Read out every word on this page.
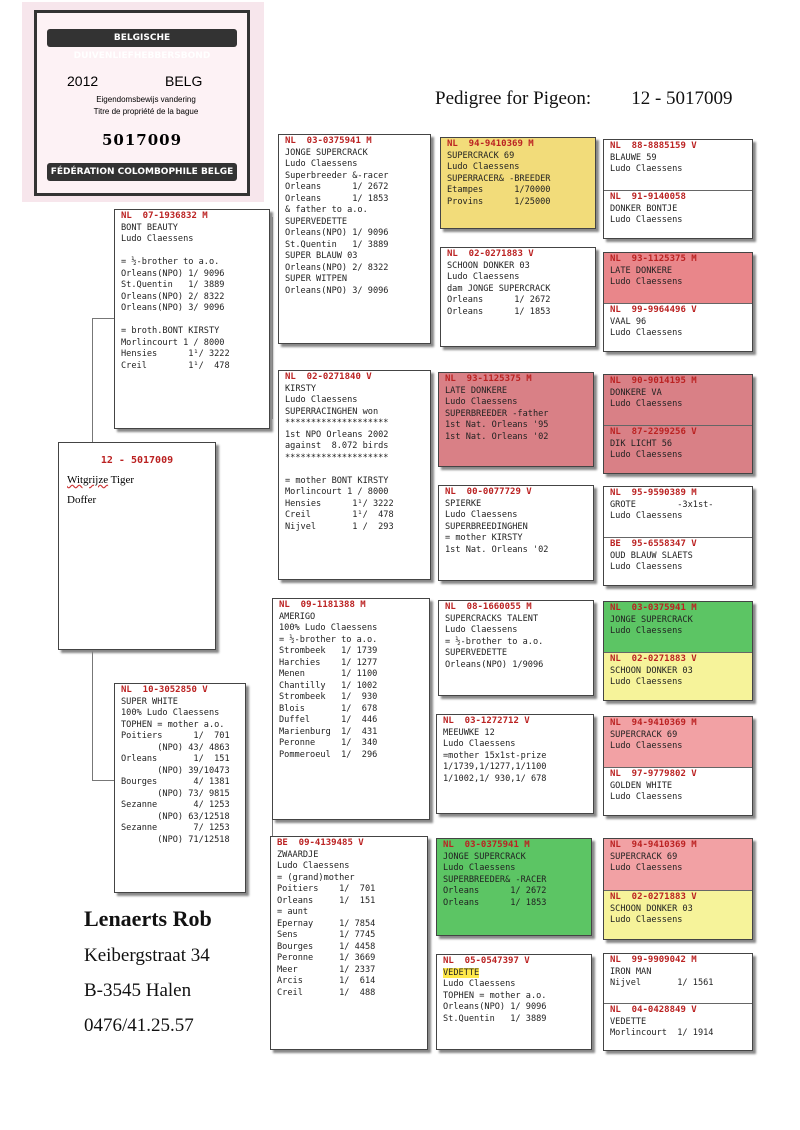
BELGISCHE DUIVENLIEFHEBBERSBOND
2012	BELG
Eigendomsbewijs vandering
Titre de propriété de la bague
5017009
FÉDÉRATION COLOMBOPHILE BELGE
Pedigree for Pigeon: 12 - 5017009
12 - 5017009
Witgrijze Tiger
Doffer
NL  07-1936832 M
BONT BEAUTY
Ludo Claessens

= ½-brother to a.o.
Orleans(NPO) 1/ 9096
St.Quentin   1/ 3889
Orleans(NPO) 2/ 8322
Orleans(NPO) 3/ 9096

= broth.BONT KIRSTY
Morlincourt 1 / 8000
Hensies      1¹/ 3222
Creil        1¹/  478
NL  10-3052850 V
SUPER WHITE
100% Ludo Claessens
TOPHEN = mother a.o.
Poitiers      1/  701
(NPO) 43/ 4863
Orleans       1/  151
(NPO) 39/10473
Bourges       4/ 1381
(NPO) 73/ 9815
Sezanne       4/ 1253
(NPO) 63/12518
Sezanne       7/ 1253
(NPO) 71/12518
NL  03-0375941 M
JONGE SUPERCRACK
Ludo Claessens
Superbreeder &-racer
Orleans      1/ 2672
Orleans      1/ 1853
& father to a.o.
SUPERVEDETTE
Orleans(NPO) 1/ 9096
St.Quentin   1/ 3889
SUPER BLAUW 03
Orleans(NPO) 2/ 8322
SUPER WITPEN
Orleans(NPO) 3/ 9096
NL  02-0271840 V
KIRSTY
Ludo Claessens
SUPERRACINGHEN won
********************
1st NPO Orleans 2002
against  8.072 birds
********************

= mother BONT KIRSTY
Morlincourt 1 / 8000
Hensies      1¹/ 3222
Creil        1¹/  478
Nijvel       1 /  293
NL  09-1181388 M
AMERIGO
100% Ludo Claessens
= ½-brother to a.o.
Strombeek   1/ 1739
Harchies    1/ 1277
Menen       1/ 1100
Chantilly   1/ 1002
Strombeek   1/  930
Blois       1/  678
Duffel      1/  446
Marienburg  1/  431
Peronne     1/  340
Pommeroeul  1/  296
BE  09-4139485 V
ZWAARDJE
Ludo Claessens
= (grand)mother
Poitiers    1/  701
Orleans     1/  151
= aunt
Epernay     1/ 7854
Sens        1/ 7745
Bourges     1/ 4458
Peronne     1/ 3669
Meer        1/ 2337
Arcis       1/  614
Creil       1/  488
NL  94-9410369 M
SUPERCRACK 69
Ludo Claessens
SUPERRACER& -BREEDER
Etampes      1/70000
Provins      1/25000
NL  02-0271883 V
SCHOON DONKER 03
Ludo Claessens
dam JONGE SUPERCRACK
Orleans      1/ 2672
Orleans      1/ 1853
NL  93-1125375 M
LATE DONKERE
Ludo Claessens
SUPERBREEDER -father
1st Nat. Orleans '95
1st Nat. Orleans '02
NL  00-0077729 V
SPIERKE
Ludo Claessens
SUPERBREEDINGHEN
= mother KIRSTY
1st Nat. Orleans '02
NL  08-1660055 M
SUPERCRACKS TALENT
Ludo Claessens
= ½-brother to a.o.
SUPERVEDETTE
Orleans(NPO) 1/9096
NL  03-1272712 V
MEEUWKE 12
Ludo Claessens
=mother 15x1st-prize
1/1739,1/1277,1/1100
1/1002,1/ 930,1/ 678
NL  03-0375941 M
JONGE SUPERCRACK
Ludo Claessens
SUPERBREEDER& -RACER
Orleans      1/ 2672
Orleans      1/ 1853
NL  05-0547397 V
VEDETTE
Ludo Claessens
TOPHEN = mother a.o.
Orleans(NPO) 1/ 9096
St.Quentin   1/ 3889
NL  88-8885159 V
BLAUWE 59
Ludo Claessens
NL  91-9140058
DONKER BONTJE
Ludo Claessens
NL  93-1125375 M
LATE DONKERE
Ludo Claessens
NL  99-9964496 V
VAAL 96
Ludo Claessens
NL  90-9014195 M
DONKERE VA
Ludo Claessens
NL  87-2299256 V
DIK LICHT 56
Ludo Claessens
NL  95-9590389 M
GROTE        -3x1st-
Ludo Claessens
BE  95-6558347 V
OUD BLAUW SLAETS
Ludo Claessens
NL  03-0375941 M
JONGE SUPERCRACK
Ludo Claessens
NL  02-0271883 V
SCHOON DONKER 03
Ludo Claessens
NL  94-9410369 M
SUPERCRACK 69
Ludo Claessens
NL  97-9779802 V
GOLDEN WHITE
Ludo Claessens
NL  94-9410369 M
SUPERCRACK 69
Ludo Claessens
NL  02-0271883 V
SCHOON DONKER 03
Ludo Claessens
NL  99-9909042 M
IRON MAN
Nijvel       1/ 1561
NL  04-0428849 V
VEDETTE
Morlincourt  1/ 1914
Lenaerts Rob
Keibergstraat 34
B-3545 Halen
0476/41.25.57
